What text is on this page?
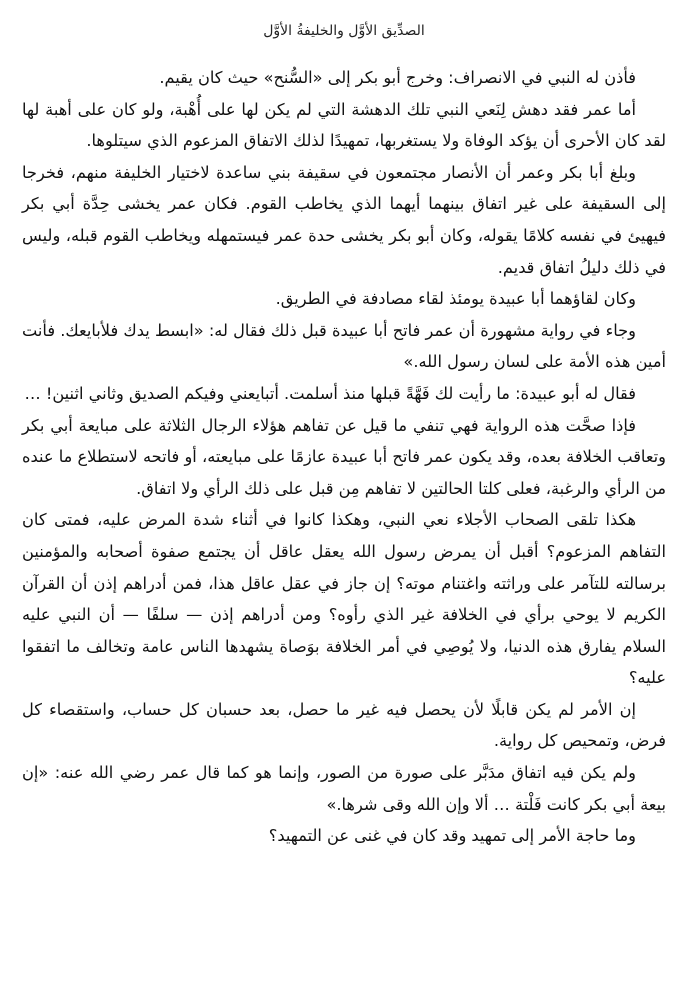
الصدِّيق الأوَّل والخليفةُ الأوَّل

فأذن له النبي في الانصراف: وخرج أبو بكر إلى «السُّنح» حيث كان يقيم.

أما عمر فقد دهش لِنَعي النبي تلك الدهشة التي لم يكن لها على أُهْبة، ولو كان على أهبة لها لقد كان الأحرى أن يؤكد الوفاة ولا يستغربها، تمهيدًا لذلك الاتفاق المزعوم الذي سيتلوها.

وبلغ أبا بكر وعمر أن الأنصار مجتمعون في سقيفة بني ساعدة لاختيار الخليفة منهم، فخرجا إلى السقيفة على غير اتفاق بينهما أيهما الذي يخاطب القوم. فكان عمر يخشى حِدَّة أبي بكر فيهيئ في نفسه كلامًا يقوله، وكان أبو بكر يخشى حدة عمر فيستمهله ويخاطب القوم قبله، وليس في ذلك دليلُ اتفاق قديم.

وكان لقاؤهما أبا عبيدة يومئذ لقاء مصادفة في الطريق.

وجاء في رواية مشهورة أن عمر فاتح أبا عبيدة قبل ذلك فقال له: «ابسط يدك فلأبايعك. فأنت أمين هذه الأمة على لسان رسول الله.»

فقال له أبو عبيدة: ما رأيت لك فَهَّةً قبلها منذ أسلمت. أتبايعني وفيكم الصديق وثاني اثنين! …

فإذا صحَّت هذه الرواية فهي تنفي ما قيل عن تفاهم هؤلاء الرجال الثلاثة على مبايعة أبي بكر وتعاقب الخلافة بعده، وقد يكون عمر فاتح أبا عبيدة عازمًا على مبايعته، أو فاتحه لاستطلاع ما عنده من الرأي والرغبة، فعلى كلتا الحالتين لا تفاهم مِن قبل على ذلك الرأي ولا اتفاق.

هكذا تلقى الصحاب الأجلاء نعي النبي، وهكذا كانوا في أثناء شدة المرض عليه، فمتى كان التفاهم المزعوم؟ أقبل أن يمرض رسول الله يعقل عاقل أن يجتمع صفوة أصحابه والمؤمنين برسالته للتآمر على وراثته واغتنام موته؟ إن جاز في عقل عاقل هذا، فمن أدراهم إذن أن القرآن الكريم لا يوحي برأي في الخلافة غير الذي رأوه؟ ومن أدراهم إذن — سلفًا — أن النبي عليه السلام يفارق هذه الدنيا، ولا يُوصِي في أمر الخلافة بوَصاة يشهدها الناس عامة وتخالف ما اتفقوا عليه؟

إن الأمر لم يكن قابلًا لأن يحصل فيه غير ما حصل، بعد حسبان كل حساب، واستقصاء كل فرض، وتمحيص كل رواية.

ولم يكن فيه اتفاق مدَبَّر على صورة من الصور، وإنما هو كما قال عمر رضي الله عنه: «إن بيعة أبي بكر كانت فَلْتة … ألا وإن الله وقى شرها.»

وما حاجة الأمر إلى تمهيد وقد كان في غنى عن التمهيد؟
